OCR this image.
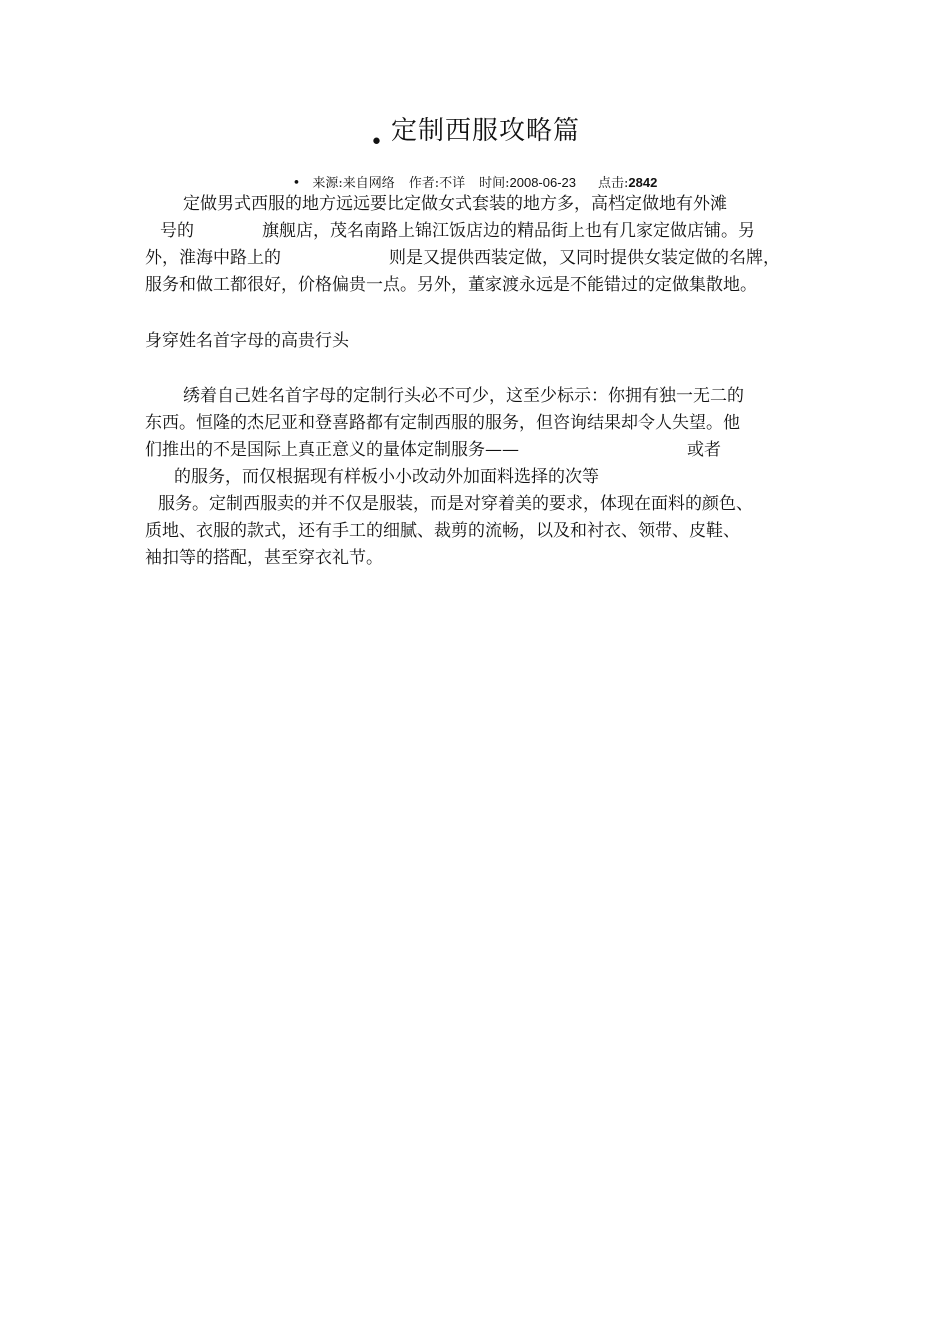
• 定制西服攻略篇
• 来源:来自网络 作者:不详 时间:2008-06-23 点击:2842
定做男式西服的地方远远要比定做女式套装的地方多，高档定做地有外滩
号的	旗舰店，茂名南路上锦江饭店边的精品街上也有几家定做店铺。另
外，淮海中路上的	则是又提供西装定做，又同时提供女装定做的名牌，
服务和做工都很好，价格偏贵一点。另外，董家渡永远是不能错过的定做集散地。
身穿姓名首字母的高贵行头
绣着自己姓名首字母的定制行头必不可少，这至少标示：你拥有独一无二的
东西。恒隆的杰尼亚和登喜路都有定制西服的服务，但咨询结果却令人失望。他
们推出的不是国际上真正意义的量体定制服务——	或者
的服务，而仅根据现有样板小小改动外加面料选择的次等
服务。定制西服卖的并不仅是服装，而是对穿着美的要求，体现在面料的颜色、
质地、衣服的款式，还有手工的细腻、裁剪的流畅，以及和衬衣、领带、皮鞋、
袖扣等的搭配，甚至穿衣礼节。
